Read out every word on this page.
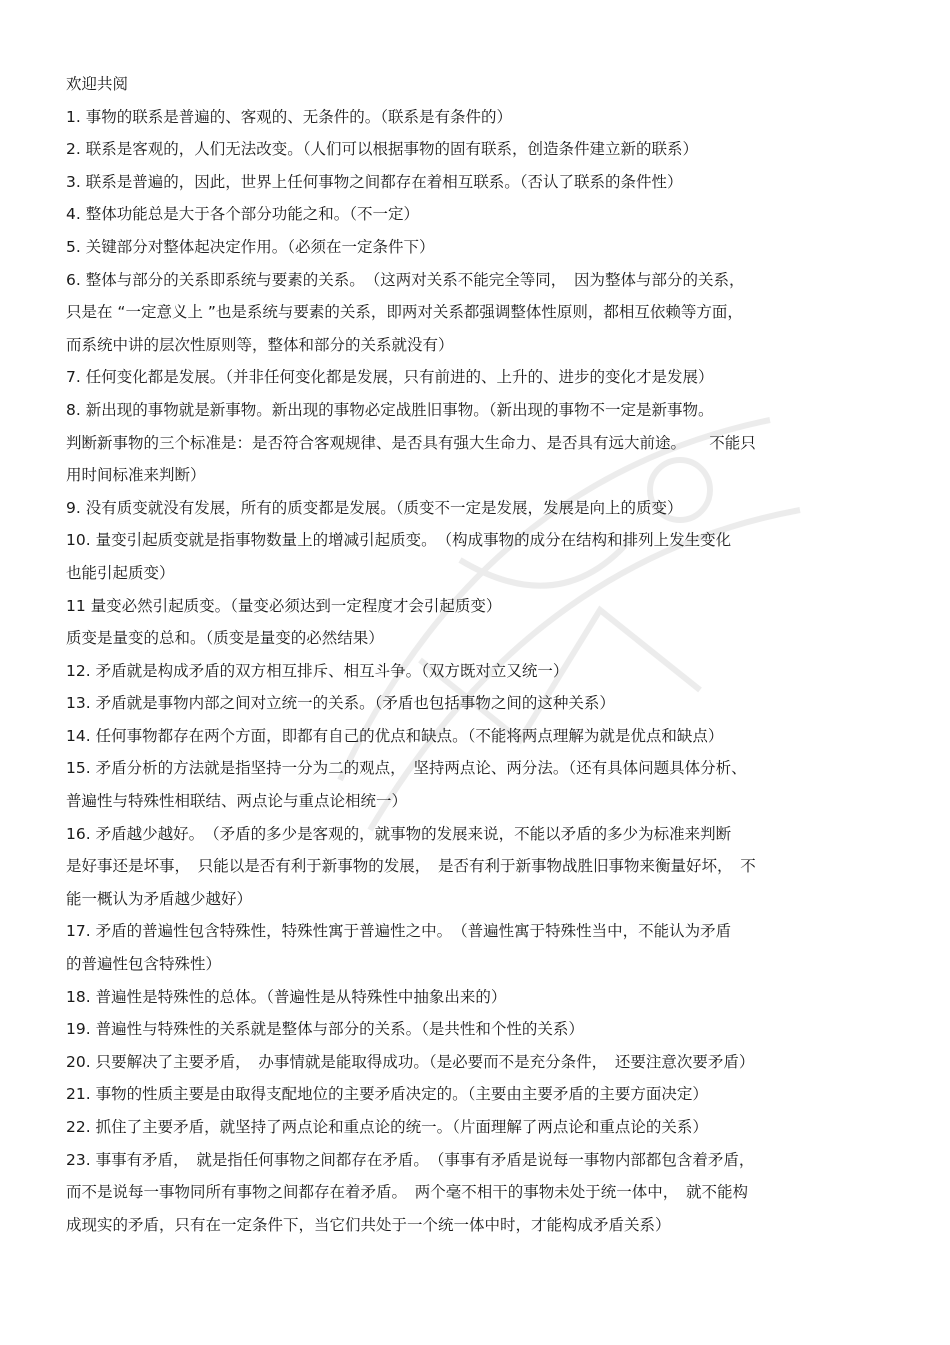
欢迎共阅
1. 事物的联系是普遍的、客观的、无条件的。（联系是有条件的）
2. 联系是客观的，人们无法改变。（人们可以根据事物的固有联系，创造条件建立新的联系）
3. 联系是普遍的，因此，世界上任何事物之间都存在着相互联系。（否认了联系的条件性）
4. 整体功能总是大于各个部分功能之和。（不一定）
5. 关键部分对整体起决定作用。（必须在一定条件下）
6. 整体与部分的关系即系统与要素的关系。　（这两对关系不能完全等同，　因为整体与部分的关系，
只是在 “一定意义上 ”也是系统与要素的关系，即两对关系都强调整体性原则，都相互依赖等方面，
而系统中讲的层次性原则等，整体和部分的关系就没有）
7. 任何变化都是发展。（并非任何变化都是发展，只有前进的、上升的、进步的变化才是发展）
8. 新出现的事物就是新事物。新出现的事物必定战胜旧事物。（新出现的事物不一定是新事物。
判断新事物的三个标准是：是否符合客观规律、是否具有强大生命力、是否具有远大前途。　　不能只
用时间标准来判断）
9. 没有质变就没有发展，所有的质变都是发展。（质变不一定是发展，发展是向上的质变）
10. 量变引起质变就是指事物数量上的增减引起质变。　（构成事物的成分在结构和排列上发生变化
也能引起质变）
11 量变必然引起质变。（量变必须达到一定程度才会引起质变）
质变是量变的总和。（质变是量变的必然结果）
12. 矛盾就是构成矛盾的双方相互排斥、相互斗争。（双方既对立又统一）
13. 矛盾就是事物内部之间对立统一的关系。（矛盾也包括事物之间的这种关系）
14. 任何事物都存在两个方面，即都有自己的优点和缺点。（不能将两点理解为就是优点和缺点）
15. 矛盾分析的方法就是指坚持一分为二的观点，　坚持两点论、两分法。（还有具体问题具体分析、
普遍性与特殊性相联结、两点论与重点论相统一）
16. 矛盾越少越好。　（矛盾的多少是客观的，就事物的发展来说，不能以矛盾的多少为标准来判断
是好事还是坏事，　只能以是否有利于新事物的发展，　是否有利于新事物战胜旧事物来衡量好坏，　不
能一概认为矛盾越少越好）
17. 矛盾的普遍性包含特殊性，特殊性寓于普遍性之中。　（普遍性寓于特殊性当中，不能认为矛盾
的普遍性包含特殊性）
18. 普遍性是特殊性的总体。（普遍性是从特殊性中抽象出来的）
19. 普遍性与特殊性的关系就是整体与部分的关系。（是共性和个性的关系）
20. 只要解决了主要矛盾，　办事情就是能取得成功。（是必要而不是充分条件，　还要注意次要矛盾）
21. 事物的性质主要是由取得支配地位的主要矛盾决定的。（主要由主要矛盾的主要方面决定）
22. 抓住了主要矛盾，就坚持了两点论和重点论的统一。（片面理解了两点论和重点论的关系）
23. 事事有矛盾，　就是指任何事物之间都存在矛盾。　（事事有矛盾是说每一事物内部都包含着矛盾，
而不是说每一事物同所有事物之间都存在着矛盾。　两个毫不相干的事物未处于统一体中，　就不能构
成现实的矛盾，只有在一定条件下，当它们共处于一个统一体中时，才能构成矛盾关系）
